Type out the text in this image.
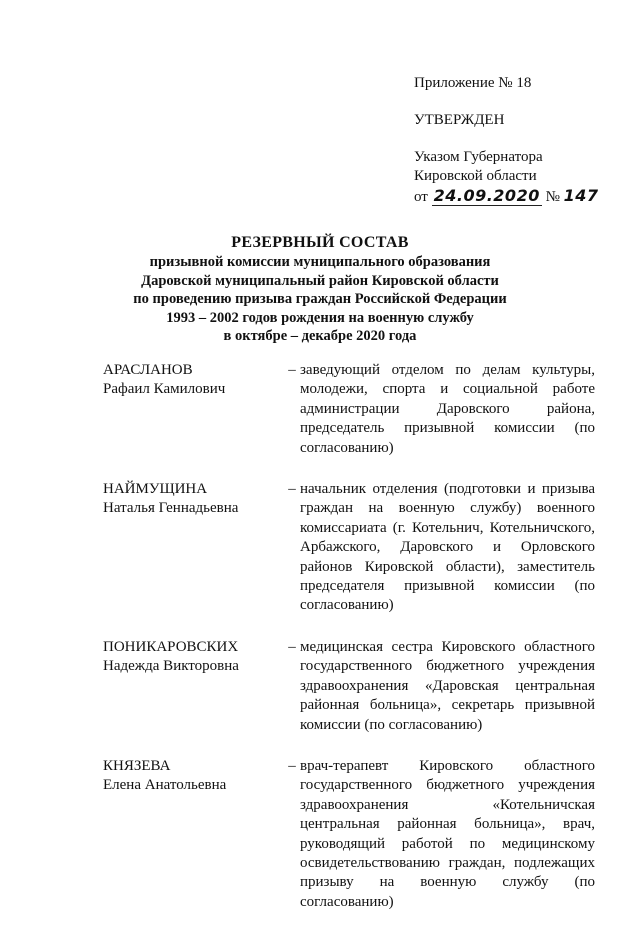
Приложение № 18
УТВЕРЖДЕН
Указом Губернатора
Кировской области
от 24.09.2020 № 147
РЕЗЕРВНЫЙ СОСТАВ
призывной комиссии муниципального образования
Даровской муниципальный район Кировской области
по проведению призыва граждан Российской Федерации
1993 – 2002 годов рождения на военную службу
в октябре – декабре 2020 года
АРАСЛАНОВ
Рафаил Камилович
– заведующий отделом по делам культуры, молодежи, спорта и социальной работе администрации Даровского района, председатель призывной комиссии (по согласованию)
НАЙМУЩИНА
Наталья Геннадьевна
– начальник отделения (подготовки и призыва граждан на военную службу) военного комиссариата (г. Котельнич, Котельничского, Арбажского, Даровского и Орловского районов Кировской области), заместитель председателя призывной комиссии (по согласованию)
ПОНИКАРОВСКИХ
Надежда Викторовна
– медицинская сестра Кировского областного государственного бюджетного учреждения здравоохранения «Даровская центральная районная больница», секретарь призывной комиссии (по согласованию)
КНЯЗЕВА
Елена Анатольевна
– врач-терапевт Кировского областного государственного бюджетного учреждения здравоохранения «Котельничская центральная районная больница», врач, руководящий работой по медицинскому освидетельствованию граждан, подлежащих призыву на военную службу (по согласованию)
